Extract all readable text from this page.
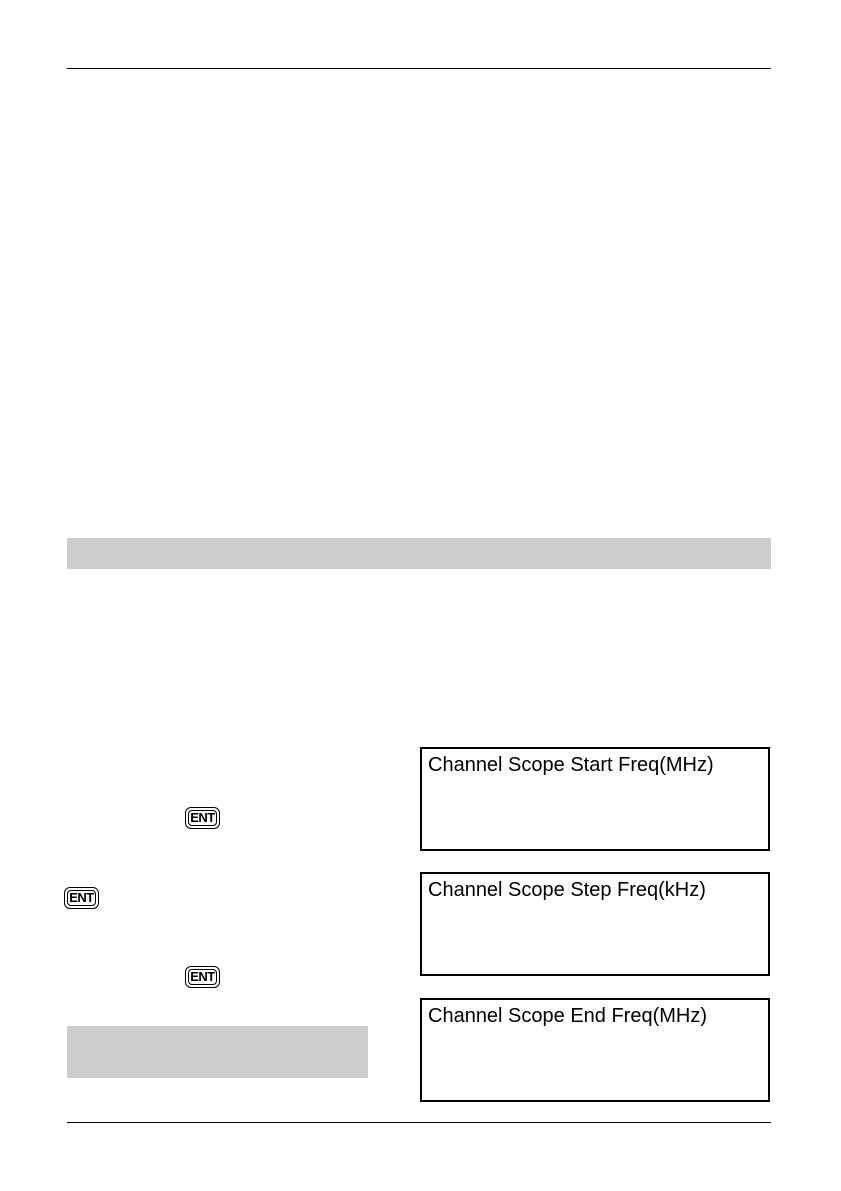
ENT
ENT
ENT
Channel Scope Start Freq(MHz)
Channel Scope Step Freq(kHz)
Channel Scope End Freq(MHz)
